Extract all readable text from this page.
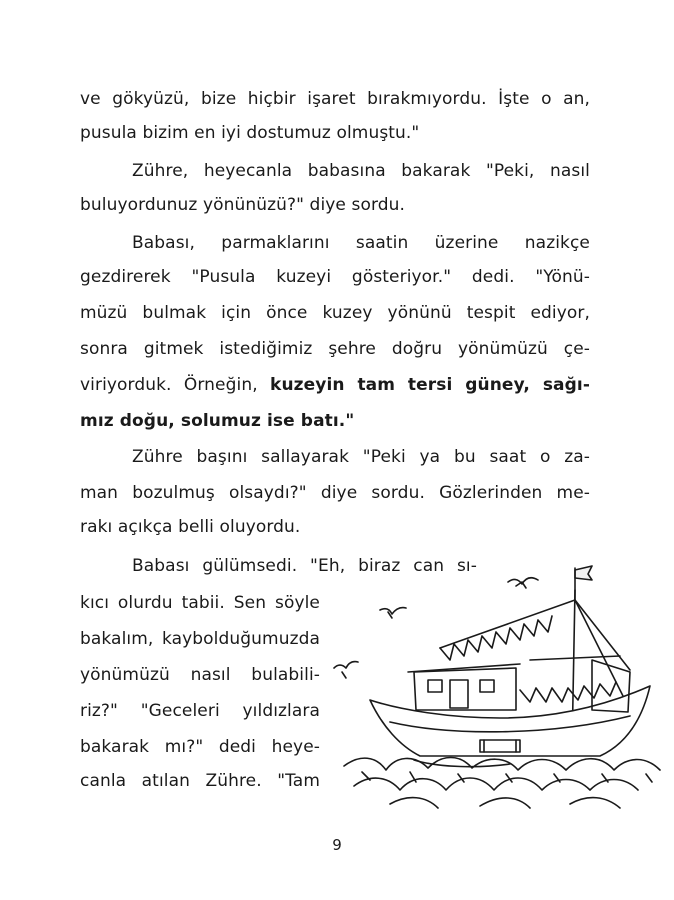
ve gökyüzü, bize hiçbir işaret bırakmıyordu. İşte o an,
pusula bizim en iyi dostumuz olmuştu."
Zühre, heyecanla babasına bakarak "Peki, nasıl
buluyordunuz yönünüzü?" diye sordu.
Babası, parmaklarını saatin üzerine nazikçe
gezdirerek "Pusula kuzeyi gösteriyor." dedi. "Yönü-
müzü bulmak için önce kuzey yönünü tespit ediyor,
sonra gitmek istediğimiz şehre doğru yönümüzü çe-
viriyorduk. Örneğin, kuzeyin tam tersi güney, sağı-
mız doğu, solumuz ise batı."
Zühre başını sallayarak "Peki ya bu saat o za-
man bozulmuş olsaydı?" diye sordu. Gözlerinden me-
rakı açıkça belli oluyordu.
Babası gülümsedi. "Eh, biraz can sı-
kıcı olurdu tabii. Sen söyle
bakalım, kaybolduğumuzda
yönümüzü nasıl bulabili-
riz?" "Geceleri yıldızlara
bakarak mı?" dedi heye-
canla atılan Zühre. "Tam
9
